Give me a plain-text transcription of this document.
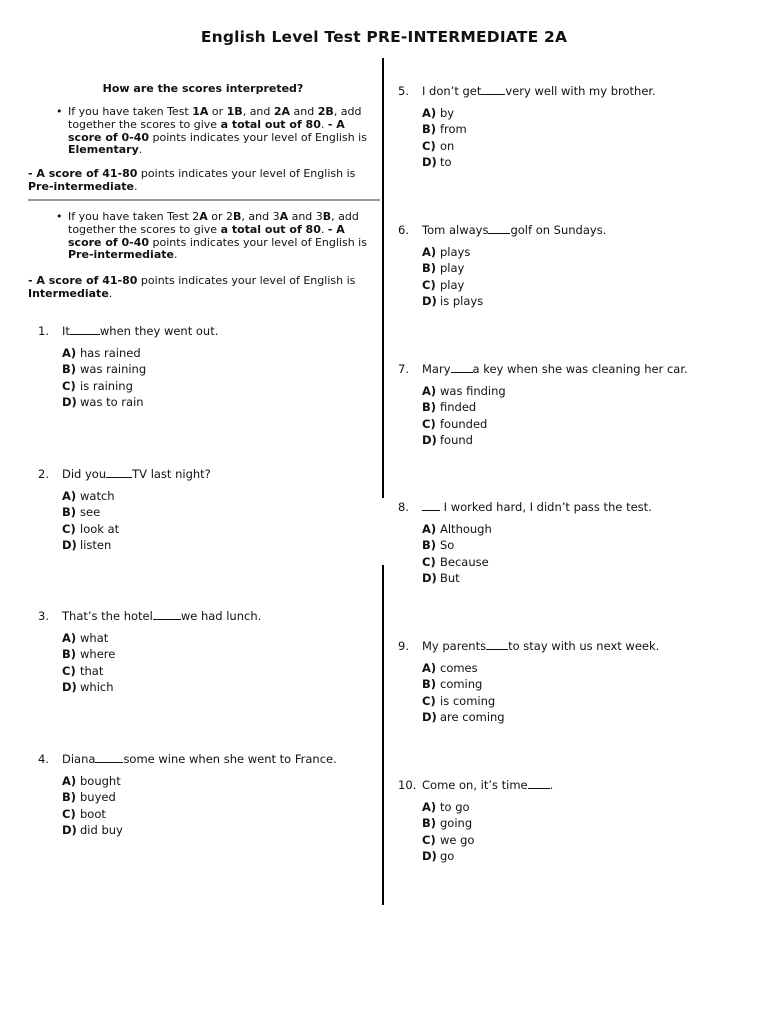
English Level Test PRE-INTERMEDIATE 2A
How are the scores interpreted?
• If you have taken Test 1A or 1B, and 2A and 2B, add together the scores to give a total out of 80. - A score of 0-40 points indicates your level of English is Elementary.
- A score of 41-80 points indicates your level of English is Pre-intermediate.
• If you have taken Test 2A or 2B, and 3A and 3B, add together the scores to give a total out of 80. - A score of 0-40 points indicates your level of English is Pre-intermediate.
- A score of 41-80 points indicates your level of English is Intermediate.
1. It	when they went out.
A) has rained
B) was raining
C) is raining
D) was to rain
2. Did you TV last night?
A) watch
B) see
C) look at
D) listen
3. That’s the hotel we had lunch.
A) what
B) where
C) that
D) which
4. Diana some wine when she went to France.
A) bought
B) buyed
C) boot
D) did buy
5. I don’t get very well with my brother.
A) by
B) from
C) on
D) to
6. Tom always golf on Sundays.
A) plays
B) play
C) play
D) is plays
7. Mary a key when she was cleaning her car.
A) was finding
B) finded
C) founded
D) found
8.	I worked hard, I didn’t pass the test.
A) Although
B) So
C) Because
D) But
9. My parents to stay with us next week.
A) comes
B) coming
C) is coming
D) are coming
10. Come on, it’s time .
A) to go
B) going
C) we go
D) go
